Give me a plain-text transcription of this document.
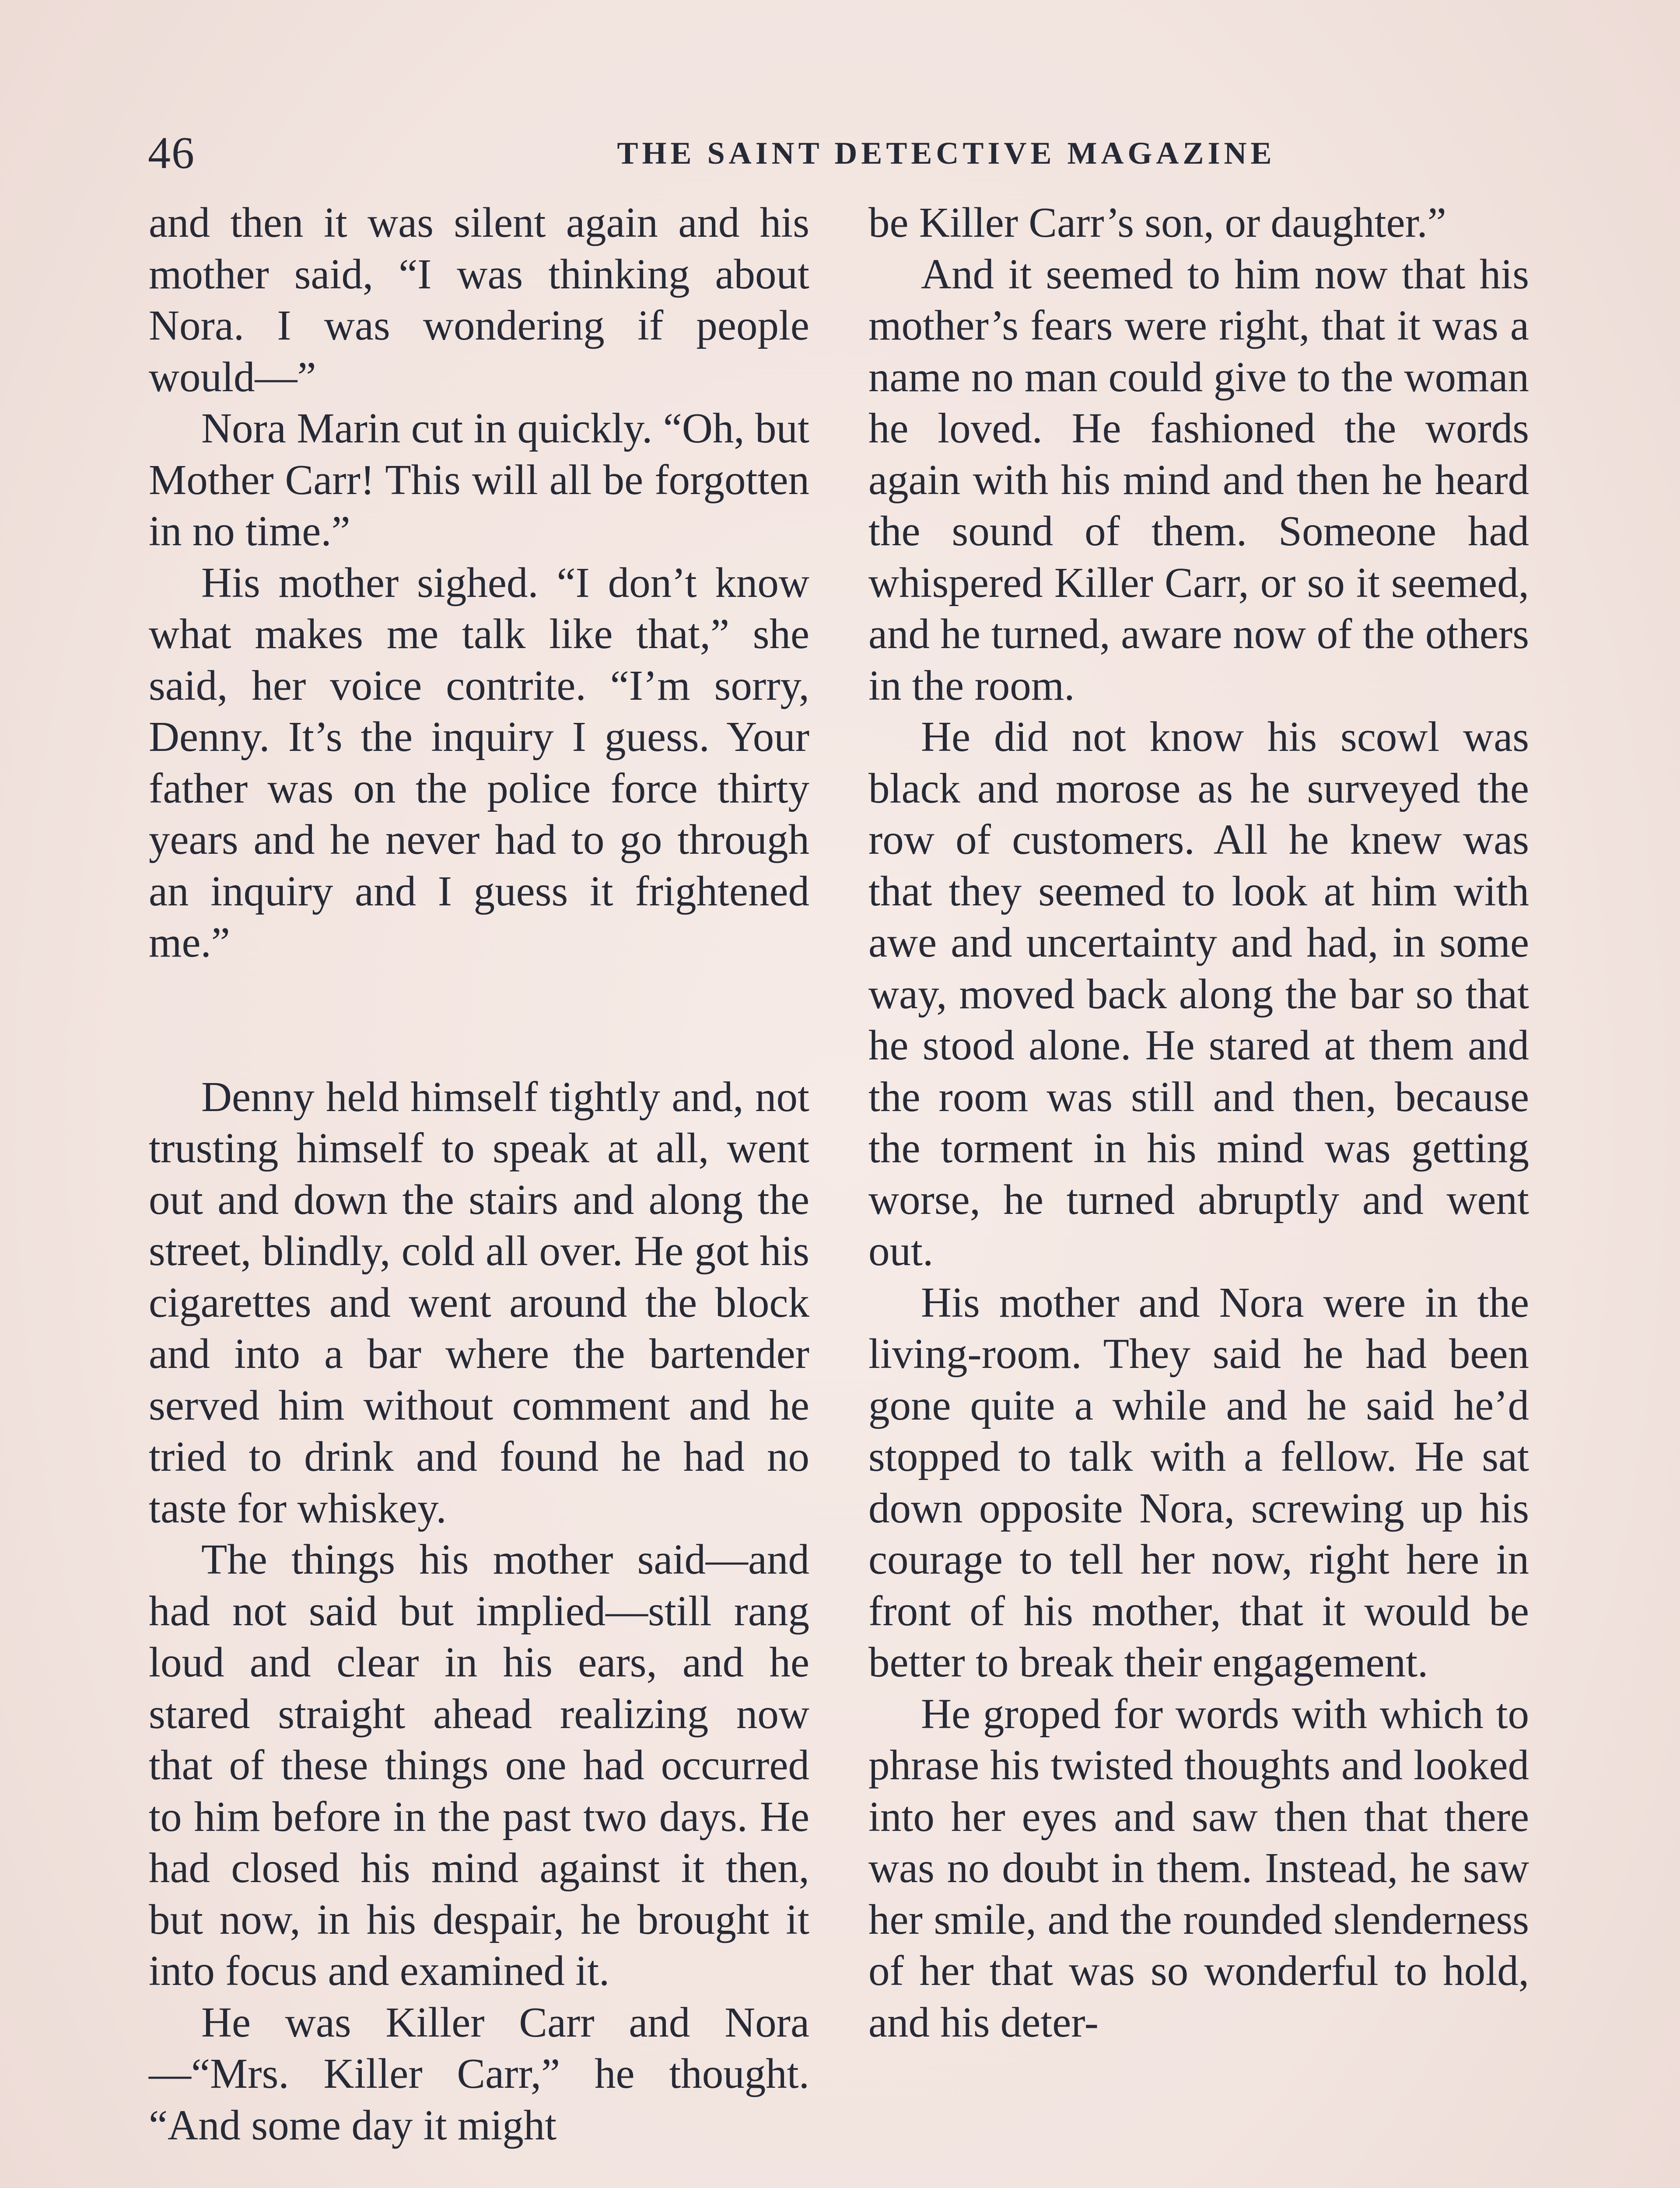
46	THE SAINT DETECTIVE MAGAZINE

and then it was silent again and his mother said, “I was thinking about Nora. I was wondering if people would—”

Nora Marin cut in quickly. “Oh, but Mother Carr! This will all be forgotten in no time.”

His mother sighed. “I don’t know what makes me talk like that,” she said, her voice contrite. “I’m sorry, Denny. It’s the inquiry I guess. Your father was on the police force thirty years and he never had to go through an inquiry and I guess it frightened me.”

Denny held himself tightly and, not trusting himself to speak at all, went out and down the stairs and along the street, blindly, cold all over. He got his cigarettes and went around the block and into a bar where the bartender served him without comment and he tried to drink and found he had no taste for whiskey.

The things his mother said—and had not said but implied—still rang loud and clear in his ears, and he stared straight ahead realizing now that of these things one had occurred to him before in the past two days. He had closed his mind against it then, but now, in his despair, he brought it into focus and examined it.

He was Killer Carr and Nora —“Mrs. Killer Carr,” he thought. “And some day it might

be Killer Carr’s son, or daughter.”

And it seemed to him now that his mother’s fears were right, that it was a name no man could give to the woman he loved. He fashioned the words again with his mind and then he heard the sound of them. Someone had whispered Killer Carr, or so it seemed, and he turned, aware now of the others in the room.

He did not know his scowl was black and morose as he surveyed the row of customers. All he knew was that they seemed to look at him with awe and uncertainty and had, in some way, moved back along the bar so that he stood alone. He stared at them and the room was still and then, because the torment in his mind was getting worse, he turned abruptly and went out.

His mother and Nora were in the living-room. They said he had been gone quite a while and he said he’d stopped to talk with a fellow. He sat down opposite Nora, screwing up his courage to tell her now, right here in front of his mother, that it would be better to break their engagement.

He groped for words with which to phrase his twisted thoughts and looked into her eyes and saw then that there was no doubt in them. Instead, he saw her smile, and the rounded slenderness of her that was so wonderful to hold, and his deter-
